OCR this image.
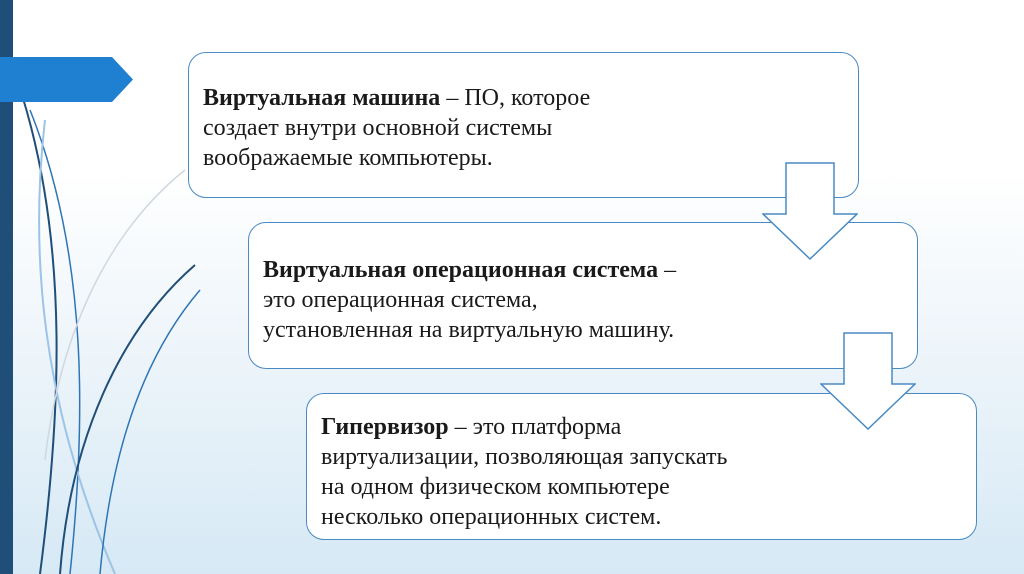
Виртуальная машина – ПО, которое
создает внутри основной системы
воображаемые компьютеры.
Виртуальная операционная система –
это операционная система,
установленная на виртуальную машину.
Гипервизор – это платформа
виртуализации, позволяющая запускать
на одном физическом компьютере
несколько операционных систем.
